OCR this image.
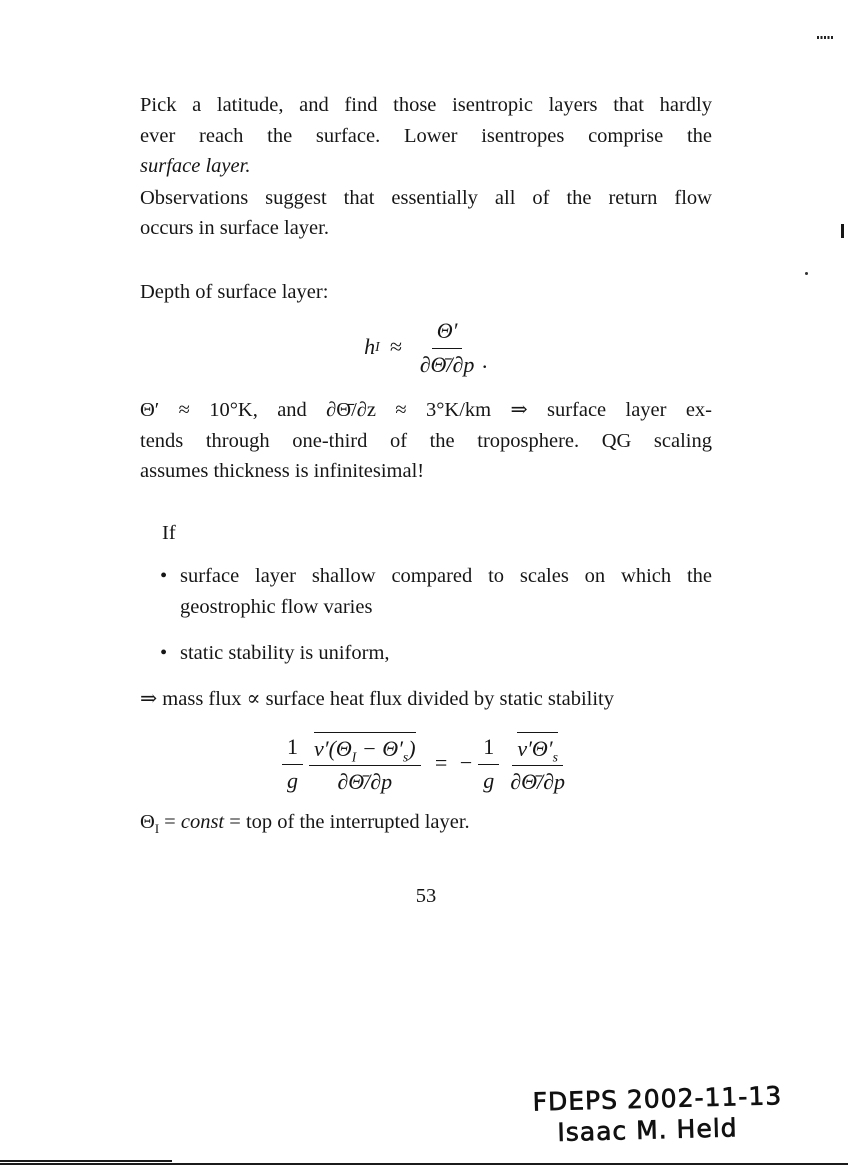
Pick a latitude, and find those isentropic layers that hardly
ever reach the surface. Lower isentropes comprise the
surface layer.

Observations suggest that essentially all of the return flow
occurs in surface layer.

Depth of surface layer:

h $I \approx \frac{\Theta'}{\partial\Thetā/\partial p}$ .

Θ′ ≈ 10°K, and ∂Θ̄/∂z ≈ 3°K/km ⇒ surface layer ex-
tends through one-third of the troposphere. QG scaling
assumes thickness is infinitesimal!

If

• surface layer shallow compared to scales on which the
geostrophic flow varies
• static stability is uniform,

⇒ mass flux ∝ surface heat flux divided by static stability

$\frac{1}{g} \frac{v'(\Theta_I - \Theta'_s)}{\partial\Thetā/\partial p}$ = − $\frac{1}{g} \frac{v'\Theta'_s}{\partial\Thetā/\partial p}$

$\Theta_I$ = const = top of the interrupted layer.

53

FDEPS 2002-11-13
Isaac M. Held
